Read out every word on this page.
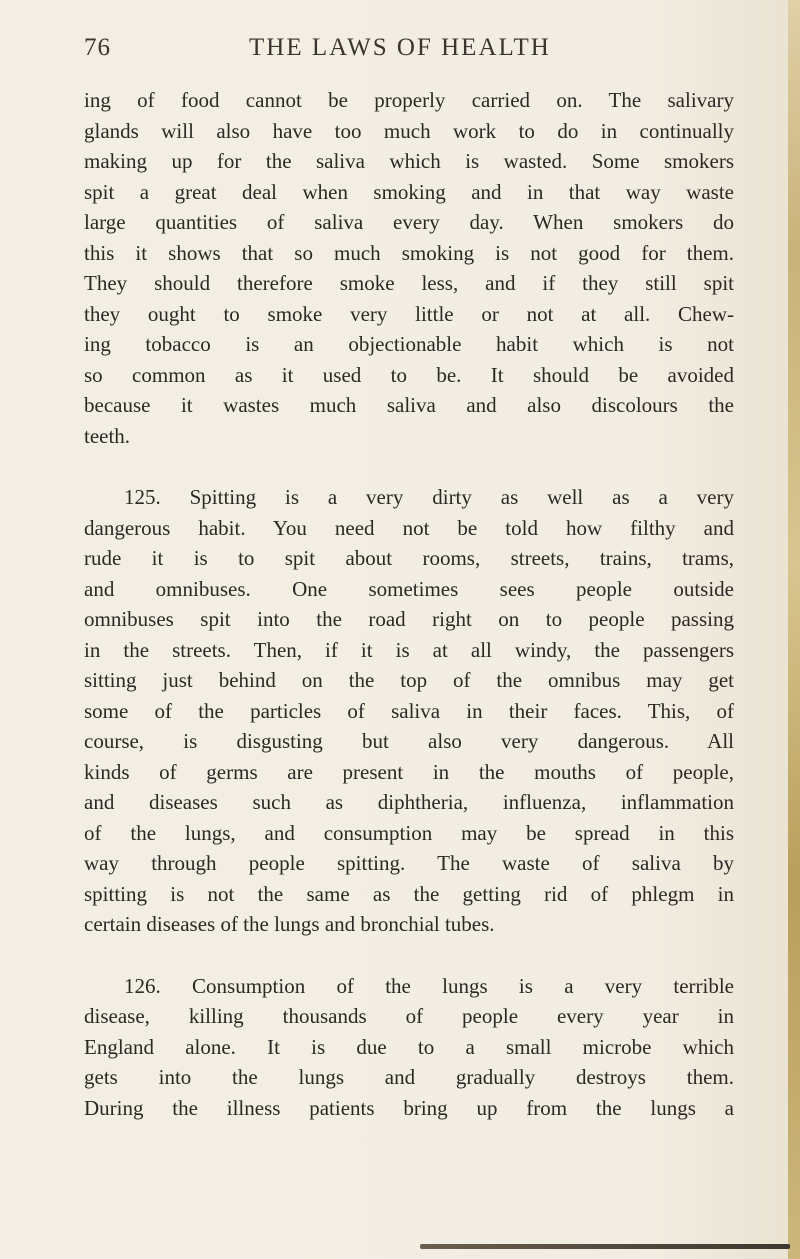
76	THE LAWS OF HEALTH
ing of food cannot be properly carried on. The salivary
glands will also have too much work to do in continually
making up for the saliva which is wasted. Some smokers
spit a great deal when smoking and in that way waste
large quantities of saliva every day. When smokers do
this it shows that so much smoking is not good for them.
They should therefore smoke less, and if they still spit
they ought to smoke very little or not at all. Chew-
ing tobacco is an objectionable habit which is not
so common as it used to be. It should be avoided
because it wastes much saliva and also discolours the
teeth.
125. Spitting is a very dirty as well as a very
dangerous habit. You need not be told how filthy and
rude it is to spit about rooms, streets, trains, trams,
and omnibuses. One sometimes sees people outside
omnibuses spit into the road right on to people passing
in the streets. Then, if it is at all windy, the passengers
sitting just behind on the top of the omnibus may get
some of the particles of saliva in their faces. This, of
course, is disgusting but also very dangerous. All
kinds of germs are present in the mouths of people,
and diseases such as diphtheria, influenza, inflammation
of the lungs, and consumption may be spread in this
way through people spitting. The waste of saliva by
spitting is not the same as the getting rid of phlegm in
certain diseases of the lungs and bronchial tubes.
126. Consumption of the lungs is a very terrible
disease, killing thousands of people every year in
England alone. It is due to a small microbe which
gets into the lungs and gradually destroys them.
During the illness patients bring up from the lungs a
